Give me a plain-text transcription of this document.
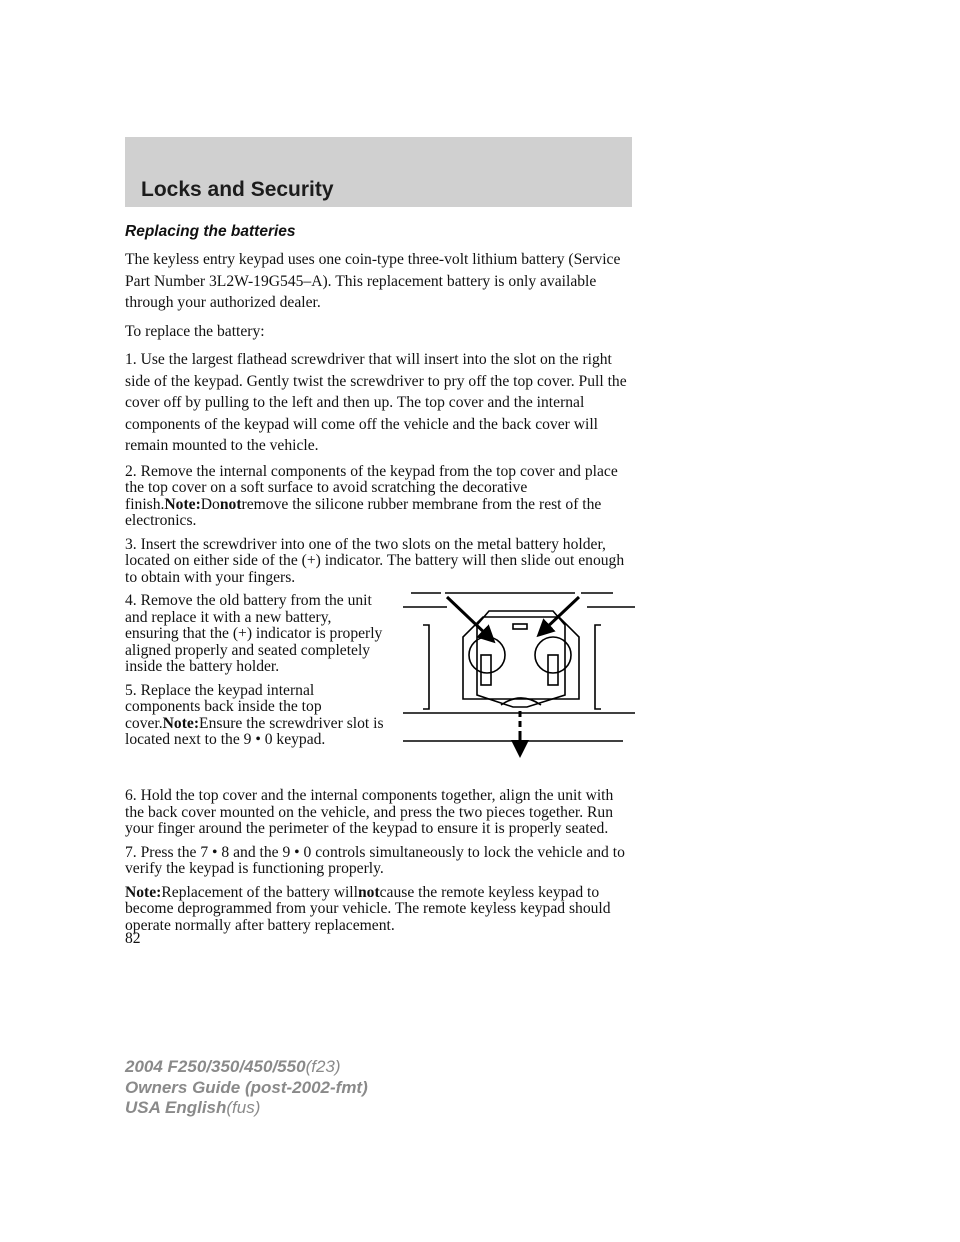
Locks and Security
Replacing the batteries

The keyless entry keypad uses one coin-type three-volt lithium battery (Service Part Number 3L2W-19G545–A). This replacement battery is only available through your authorized dealer.

To replace the battery:

1. Use the largest flathead screwdriver that will insert into the slot on the right side of the keypad. Gently twist the screwdriver to pry off the top cover. Pull the cover off by pulling to the left and then up. The top cover and the internal components of the keypad will come off the vehicle and the back cover will remain mounted to the vehicle.

2. Remove the internal components of the keypad from the top cover and place the top cover on a soft surface to avoid scratching the decorative finish.Note:Donotremove the silicone rubber membrane from the rest of the electronics.

3. Insert the screwdriver into one of the two slots on the metal battery holder, located on either side of the (+) indicator. The battery will then slide out enough to obtain with your fingers.

4. Remove the old battery from the unit and replace it with a new battery, ensuring that the (+) indicator is properly aligned properly and seated completely inside the battery holder.

5. Replace the keypad internal components back inside the top cover.Note:Ensure the screwdriver slot is located next to the 9 • 0 keypad.

6. Hold the top cover and the internal components together, align the unit with the back cover mounted on the vehicle, and press the two pieces together. Run your finger around the perimeter of the keypad to ensure it is properly seated.

7. Press the 7 • 8 and the 9 • 0 controls simultaneously to lock the vehicle and to verify the keypad is functioning properly.

Note:Replacement of the battery willnotcause the remote keyless keypad to become deprogrammed from your vehicle. The remote keyless keypad should operate normally after battery replacement.

82

2004 F250/350/450/550(f23)
Owners Guide (post-2002-fmt)
USA English(fus)
